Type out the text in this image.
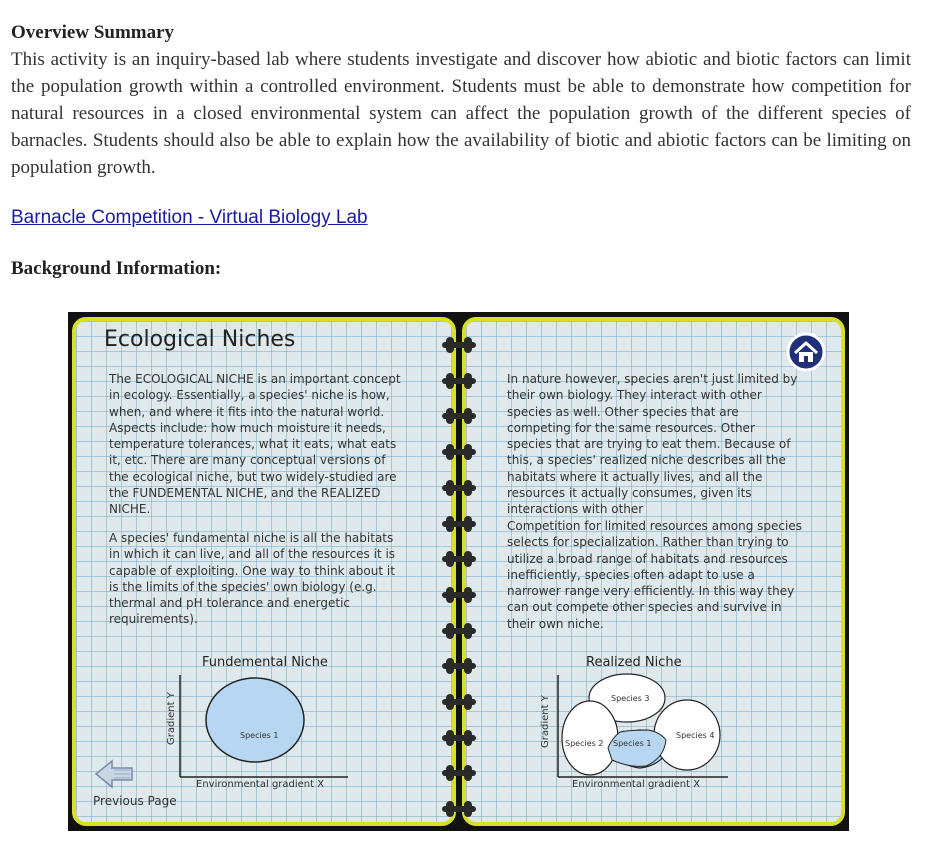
Overview Summary
This activity is an inquiry-based lab where students investigate and discover how abiotic and biotic factors can limit the population growth within a controlled environment. Students must be able to demonstrate how competition for natural resources in a closed environmental system can affect the population growth of the different species of barnacles. Students should also be able to explain how the availability of biotic and abiotic factors can be limiting on population growth.
Barnacle Competition - Virtual Biology Lab
Background Information:
Ecological Niches
The ECOLOGICAL NICHE is an important concept in ecology. Essentially, a species' niche is how, when, and where it fits into the natural world. Aspects include: how much moisture it needs, temperature tolerances, what it eats, what eats it, etc. There are many conceptual versions of the ecological niche, but two widely-studied are the FUNDEMENTAL NICHE, and the REALIZED NICHE.
A species' fundamental niche is all the habitats in which it can live, and all of the resources it is capable of exploiting. One way to think about it is the limits of the species' own biology (e.g. thermal and pH tolerance and energetic requirements).
In nature however, species aren't just limited by their own biology. They interact with other species as well. Other species that are competing for the same resources. Other species that are trying to eat them. Because of this, a species' realized niche describes all the habitats where it actually lives, and all the resources it actually consumes, given its interactions with other
Competition for limited resources among species selects for specialization. Rather than trying to utilize a broad range of habitats and resources inefficiently, species often adapt to use a narrower range very efficiently. In this way they can out compete other species and survive in their own niche.
Fundemental Niche
Species 1
Gradient Y
Environmental gradient X
Realized Niche
Species 3
Species 2 Species 1
Species 4
Gradient Y
Environmental gradient X
Previous Page
